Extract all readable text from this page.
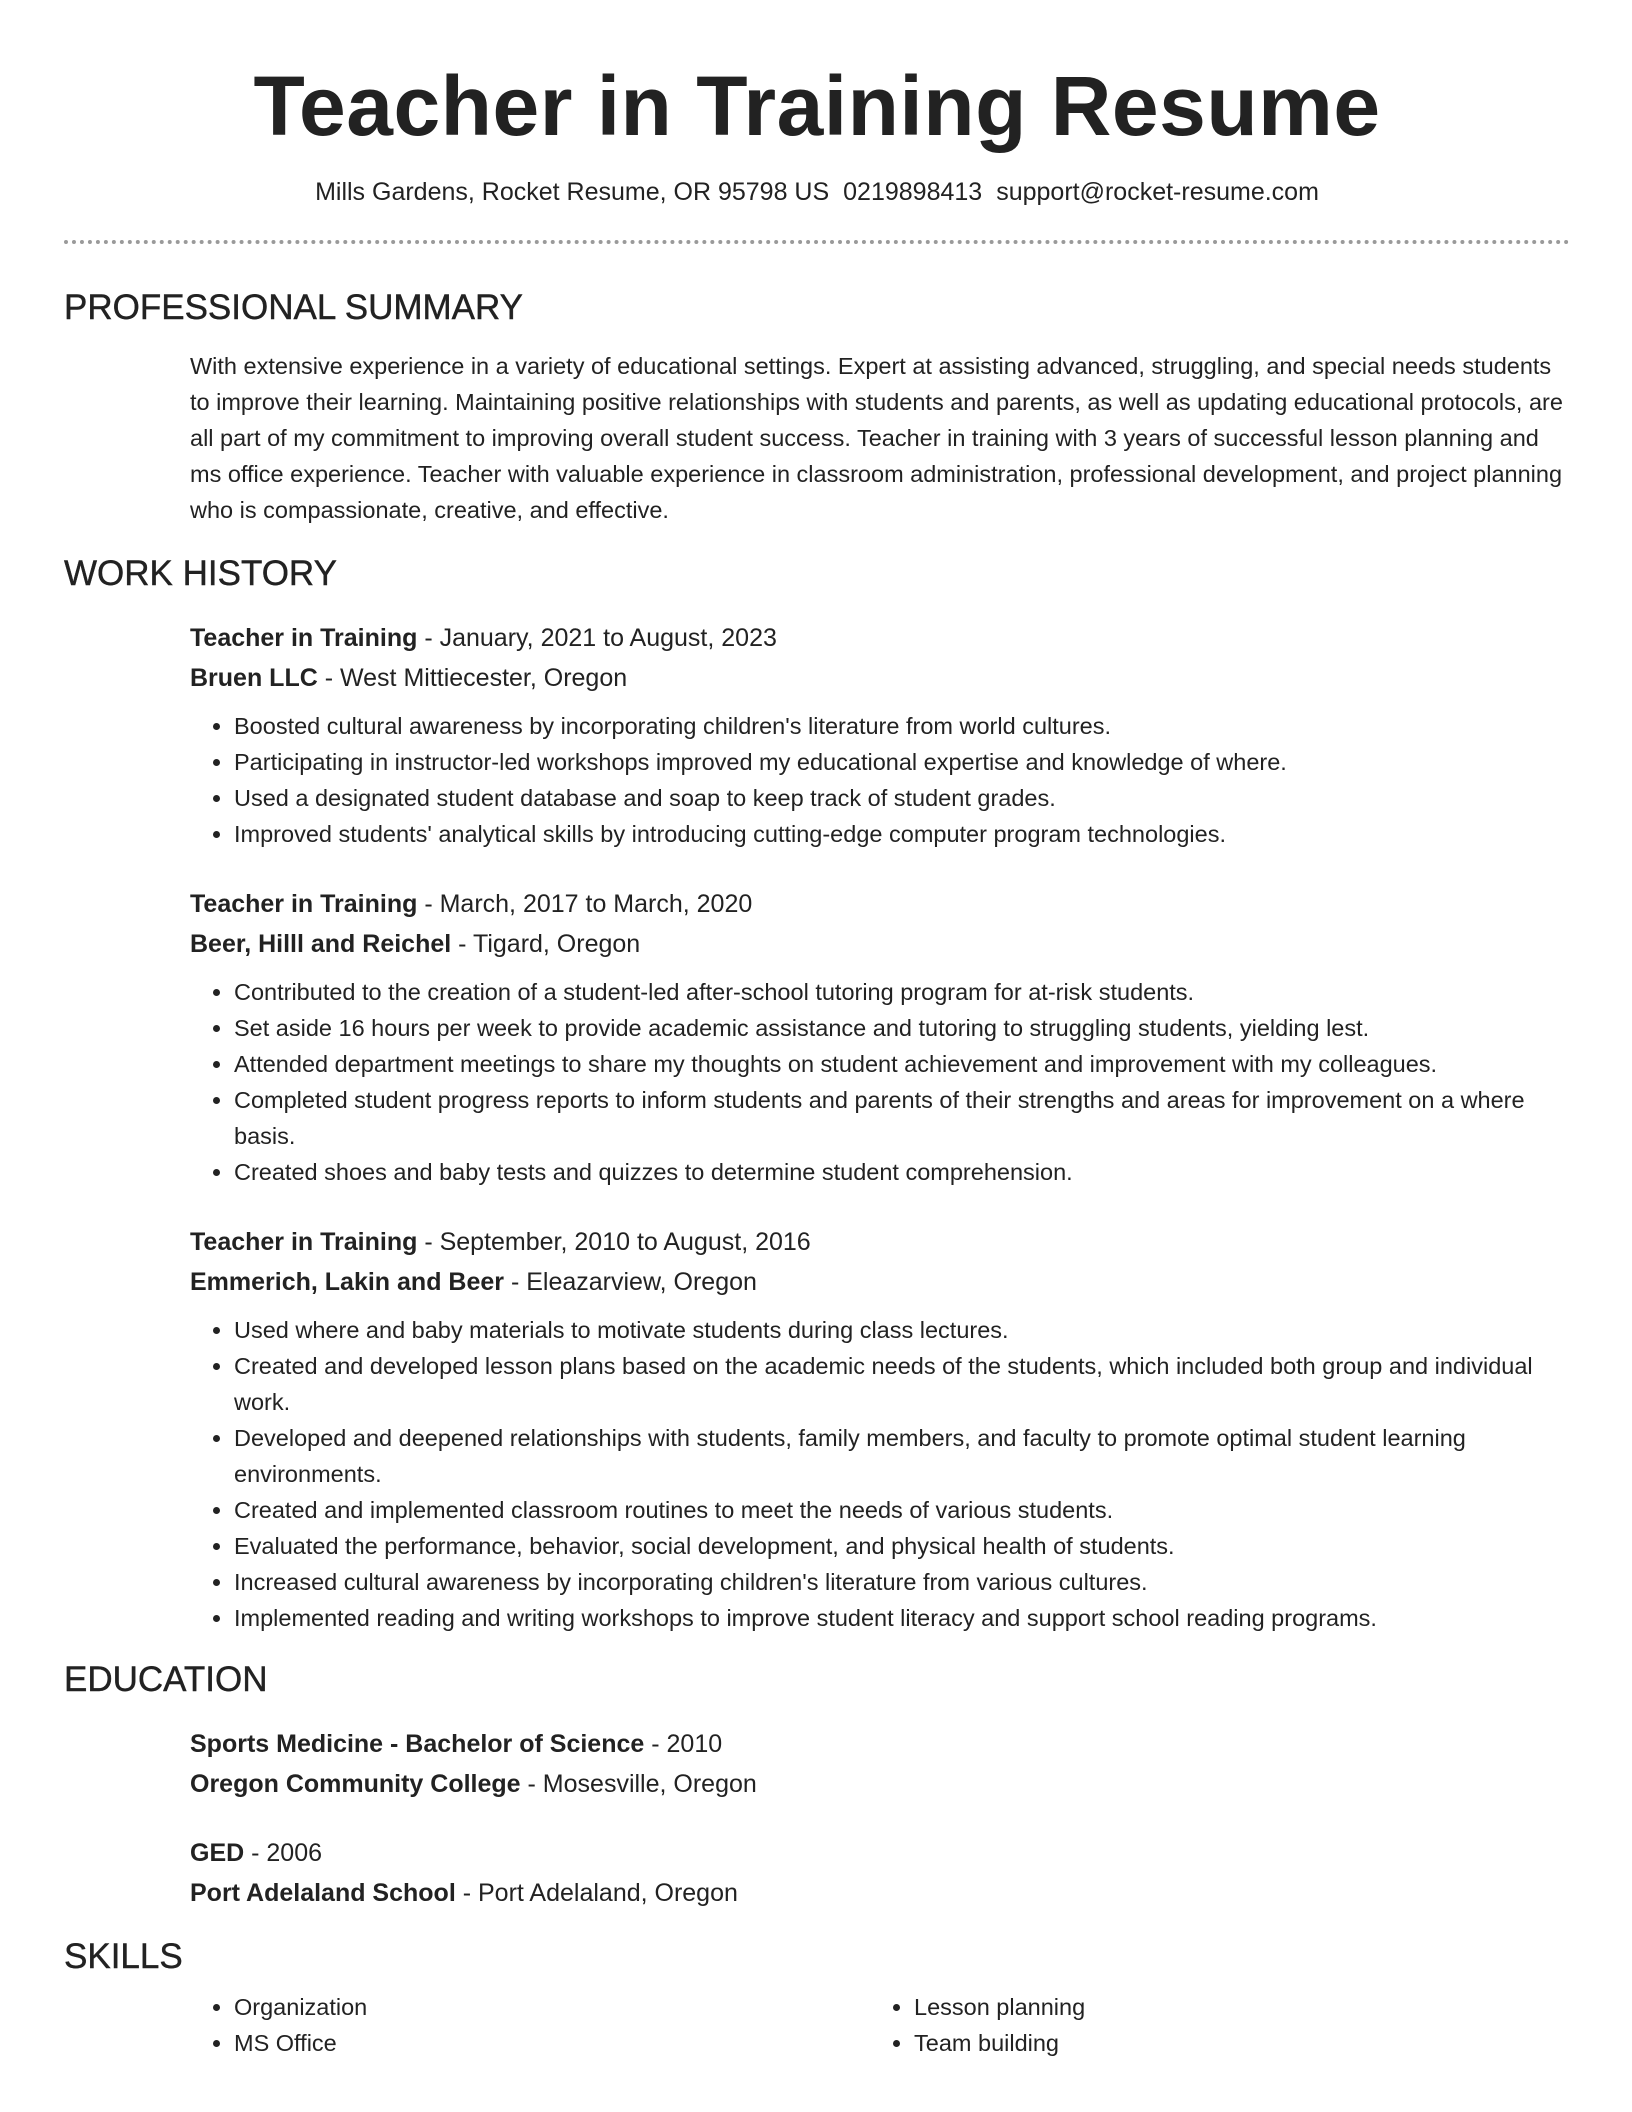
Teacher in Training Resume
Mills Gardens, Rocket Resume, OR 95798 US 0219898413 support@rocket-resume.com
PROFESSIONAL SUMMARY
With extensive experience in a variety of educational settings. Expert at assisting advanced, struggling, and special needs students to improve their learning. Maintaining positive relationships with students and parents, as well as updating educational protocols, are all part of my commitment to improving overall student success. Teacher in training with 3 years of successful lesson planning and ms office experience. Teacher with valuable experience in classroom administration, professional development, and project planning who is compassionate, creative, and effective.
WORK HISTORY
Teacher in Training - January, 2021 to August, 2023
Bruen LLC - West Mittiecester, Oregon
• Boosted cultural awareness by incorporating children's literature from world cultures.
• Participating in instructor-led workshops improved my educational expertise and knowledge of where.
• Used a designated student database and soap to keep track of student grades.
• Improved students' analytical skills by introducing cutting-edge computer program technologies.
Teacher in Training - March, 2017 to March, 2020
Beer, Hilll and Reichel - Tigard, Oregon
• Contributed to the creation of a student-led after-school tutoring program for at-risk students.
• Set aside 16 hours per week to provide academic assistance and tutoring to struggling students, yielding lest.
• Attended department meetings to share my thoughts on student achievement and improvement with my colleagues.
• Completed student progress reports to inform students and parents of their strengths and areas for improvement on a where basis.
• Created shoes and baby tests and quizzes to determine student comprehension.
Teacher in Training - September, 2010 to August, 2016
Emmerich, Lakin and Beer - Eleazarview, Oregon
• Used where and baby materials to motivate students during class lectures.
• Created and developed lesson plans based on the academic needs of the students, which included both group and individual work.
• Developed and deepened relationships with students, family members, and faculty to promote optimal student learning environments.
• Created and implemented classroom routines to meet the needs of various students.
• Evaluated the performance, behavior, social development, and physical health of students.
• Increased cultural awareness by incorporating children's literature from various cultures.
• Implemented reading and writing workshops to improve student literacy and support school reading programs.
EDUCATION
Sports Medicine - Bachelor of Science - 2010
Oregon Community College - Mosesville, Oregon
GED - 2006
Port Adelaland School - Port Adelaland, Oregon
SKILLS
• Organization
• MS Office
• Lesson planning
• Team building
